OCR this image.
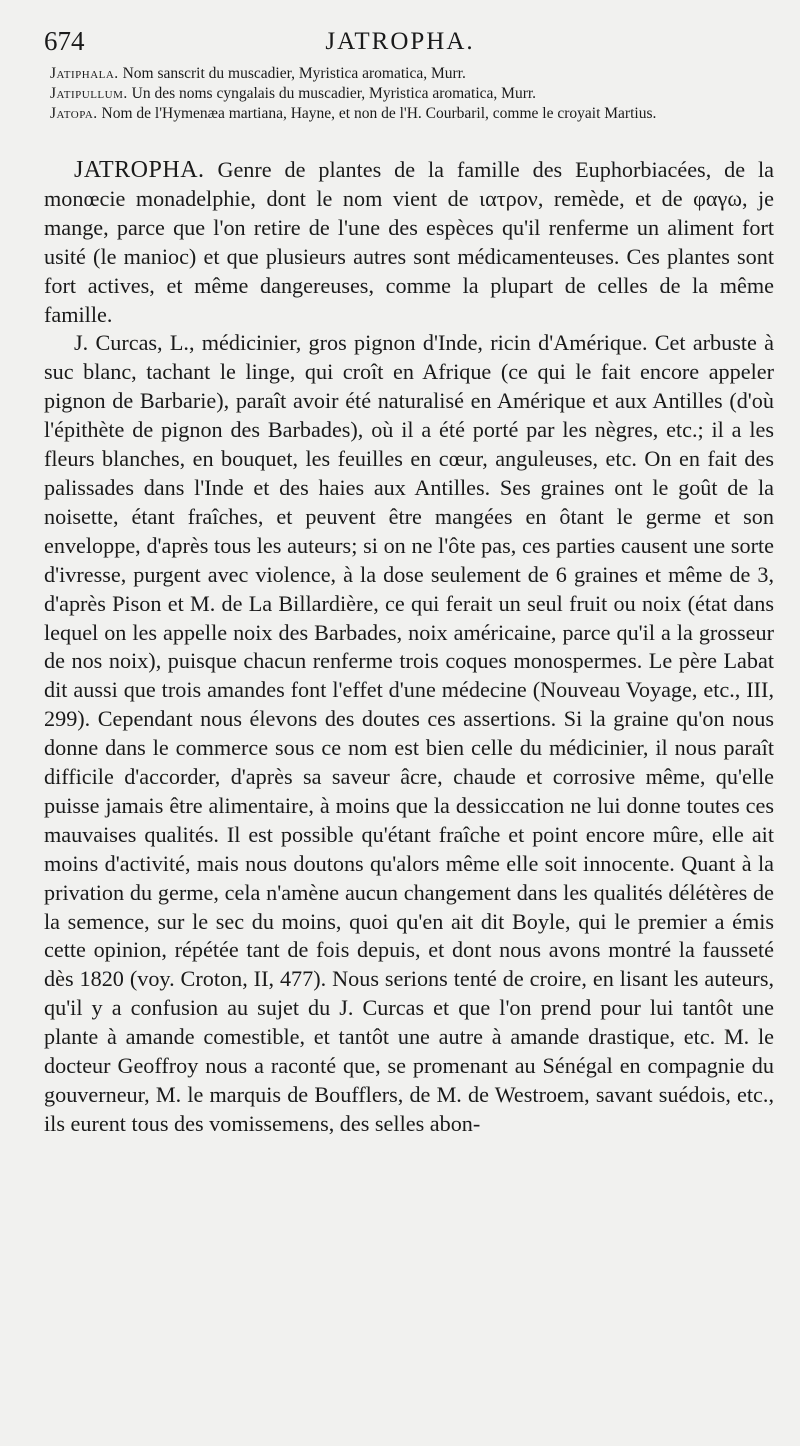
674	JATROPHA.

Jatiphala. Nom sanscrit du muscadier, Myristica aromatica, Murr.

Jatipullum. Un des noms cyngalais du muscadier, Myristica aromatica, Murr.

Jatopa. Nom de l'Hymenæa martiana, Hayne, et non de l'H. Courbaril, comme le croyait Martius.

JATROPHA. Genre de plantes de la famille des Euphorbiacées, de la monœcie monadelphie, dont le nom vient de ιατρον, remède, et de φαγω, je mange, parce que l'on retire de l'une des espèces qu'il renferme un aliment fort usité (le manioc) et que plusieurs autres sont médicamenteuses. Ces plantes sont fort actives, et même dangereuses, comme la plupart de celles de la même famille.

J. Curcas, L., médicinier, gros pignon d'Inde, ricin d'Amérique. Cet arbuste à suc blanc, tachant le linge, qui croît en Afrique (ce qui le fait encore appeler pignon de Barbarie), paraît avoir été naturalisé en Amérique et aux Antilles (d'où l'épithète de pignon des Barbades), où il a été porté par les nègres, etc.; il a les fleurs blanches, en bouquet, les feuilles en cœur, anguleuses, etc. On en fait des palissades dans l'Inde et des haies aux Antilles. Ses graines ont le goût de la noisette, étant fraîches, et peuvent être mangées en ôtant le germe et son enveloppe, d'après tous les auteurs; si on ne l'ôte pas, ces parties causent une sorte d'ivresse, purgent avec violence, à la dose seulement de 6 graines et même de 3, d'après Pison et M. de La Billardière, ce qui ferait un seul fruit ou noix (état dans lequel on les appelle noix des Barbades, noix américaine, parce qu'il a la grosseur de nos noix), puisque chacun renferme trois coques monospermes. Le père Labat dit aussi que trois amandes font l'effet d'une médecine (Nouveau Voyage, etc., III, 299). Cependant nous élevons des doutes ces assertions. Si la graine qu'on nous donne dans le commerce sous ce nom est bien celle du médicinier, il nous paraît difficile d'accorder, d'après sa saveur âcre, chaude et corrosive même, qu'elle puisse jamais être alimentaire, à moins que la dessiccation ne lui donne toutes ces mauvaises qualités. Il est possible qu'étant fraîche et point encore mûre, elle ait moins d'activité, mais nous doutons qu'alors même elle soit innocente. Quant à la privation du germe, cela n'amène aucun changement dans les qualités délétères de la semence, sur le sec du moins, quoi qu'en ait dit Boyle, qui le premier a émis cette opinion, répétée tant de fois depuis, et dont nous avons montré la fausseté dès 1820 (voy. Croton, II, 477). Nous serions tenté de croire, en lisant les auteurs, qu'il y a confusion au sujet du J. Curcas et que l'on prend pour lui tantôt une plante à amande comestible, et tantôt une autre à amande drastique, etc. M. le docteur Geoffroy nous a raconté que, se promenant au Sénégal en compagnie du gouverneur, M. le marquis de Boufflers, de M. de Westroem, savant suédois, etc., ils eurent tous des vomissemens, des selles abon-
